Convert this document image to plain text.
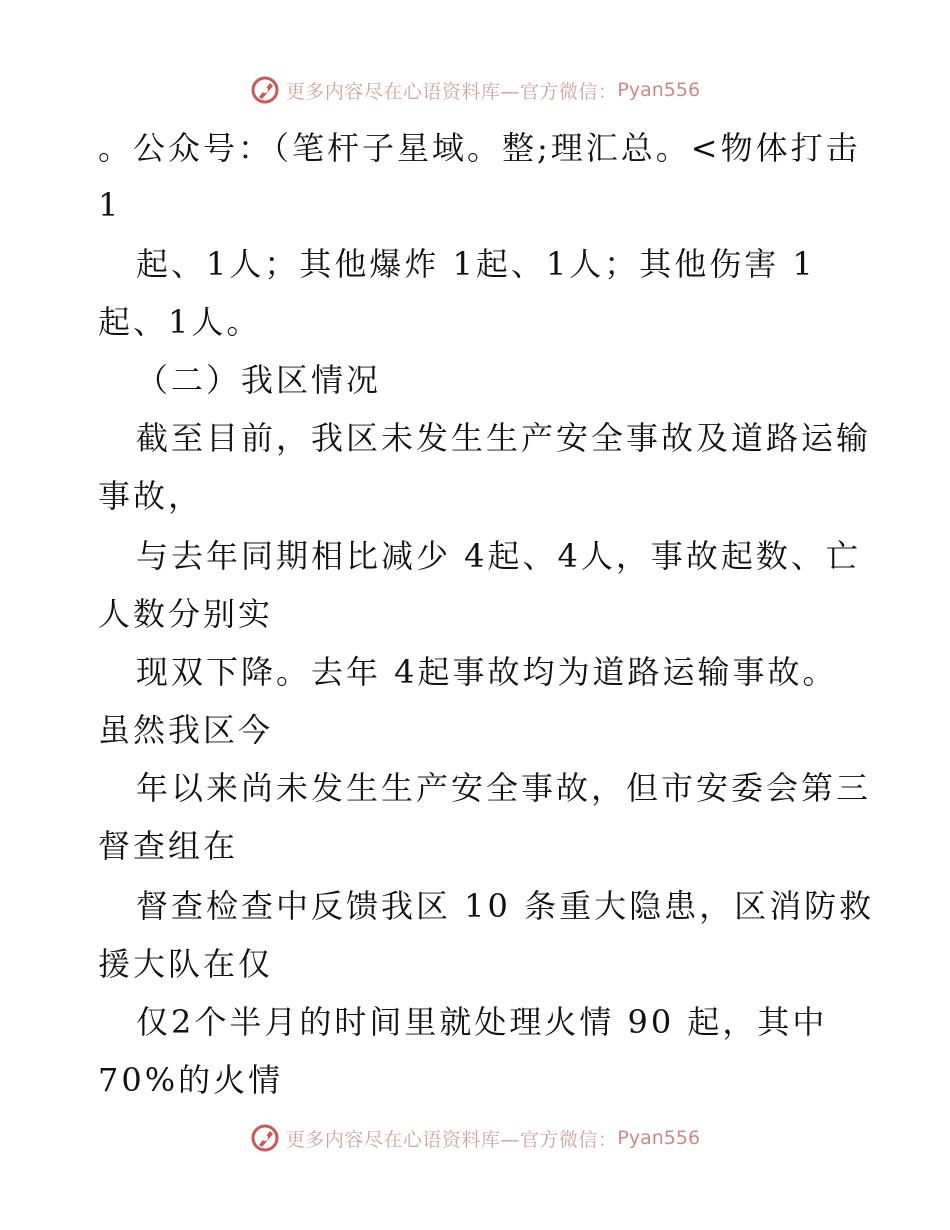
更多内容尽在心语资料库—官方微信： Pyan556
。公众号：（笔杆子星域。整;理汇总。<物体打击
1
起、1人；其他爆炸 1起、1人；其他伤害 1
起、1人。
（二）我区情况
截至目前，我区未发生生产安全事故及道路运输
事故，
与去年同期相比减少 4起、4人，事故起数、亡
人数分别实
现双下降。去年 4起事故均为道路运输事故。
虽然我区今
年以来尚未发生生产安全事故，但市安委会第三
督查组在
督查检查中反馈我区 10 条重大隐患，区消防救
援大队在仅
仅2个半月的时间里就处理火情 90 起，其中
70%的火情
更多内容尽在心语资料库—官方微信： Pyan556
